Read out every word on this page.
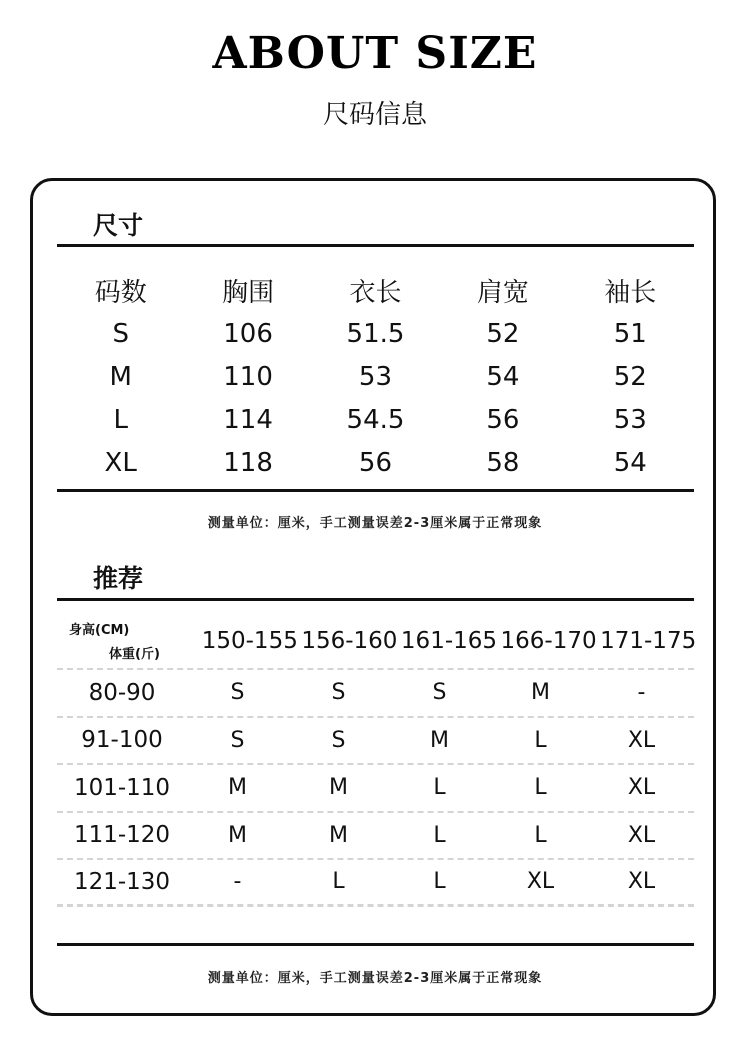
ABOUT SIZE
尺码信息
尺寸
码数	胸围	衣长	肩宽	袖长
S	106	51.5	52	51
M	110	53	54	52
L	114	54.5	56	53
XL	118	56	58	54
测量单位：厘米，手工测量误差2-3厘米属于正常现象
推荐
身高(CM)
体重(斤)
150-155 156-160 161-165 166-170 171-175
80-90	S	S	S	M	-
91-100	S	S	M	L	XL
101-110	M	M	L	L	XL
111-120	M	M	L	L	XL
121-130	-	L	L	XL	XL
测量单位：厘米，手工测量误差2-3厘米属于正常现象
